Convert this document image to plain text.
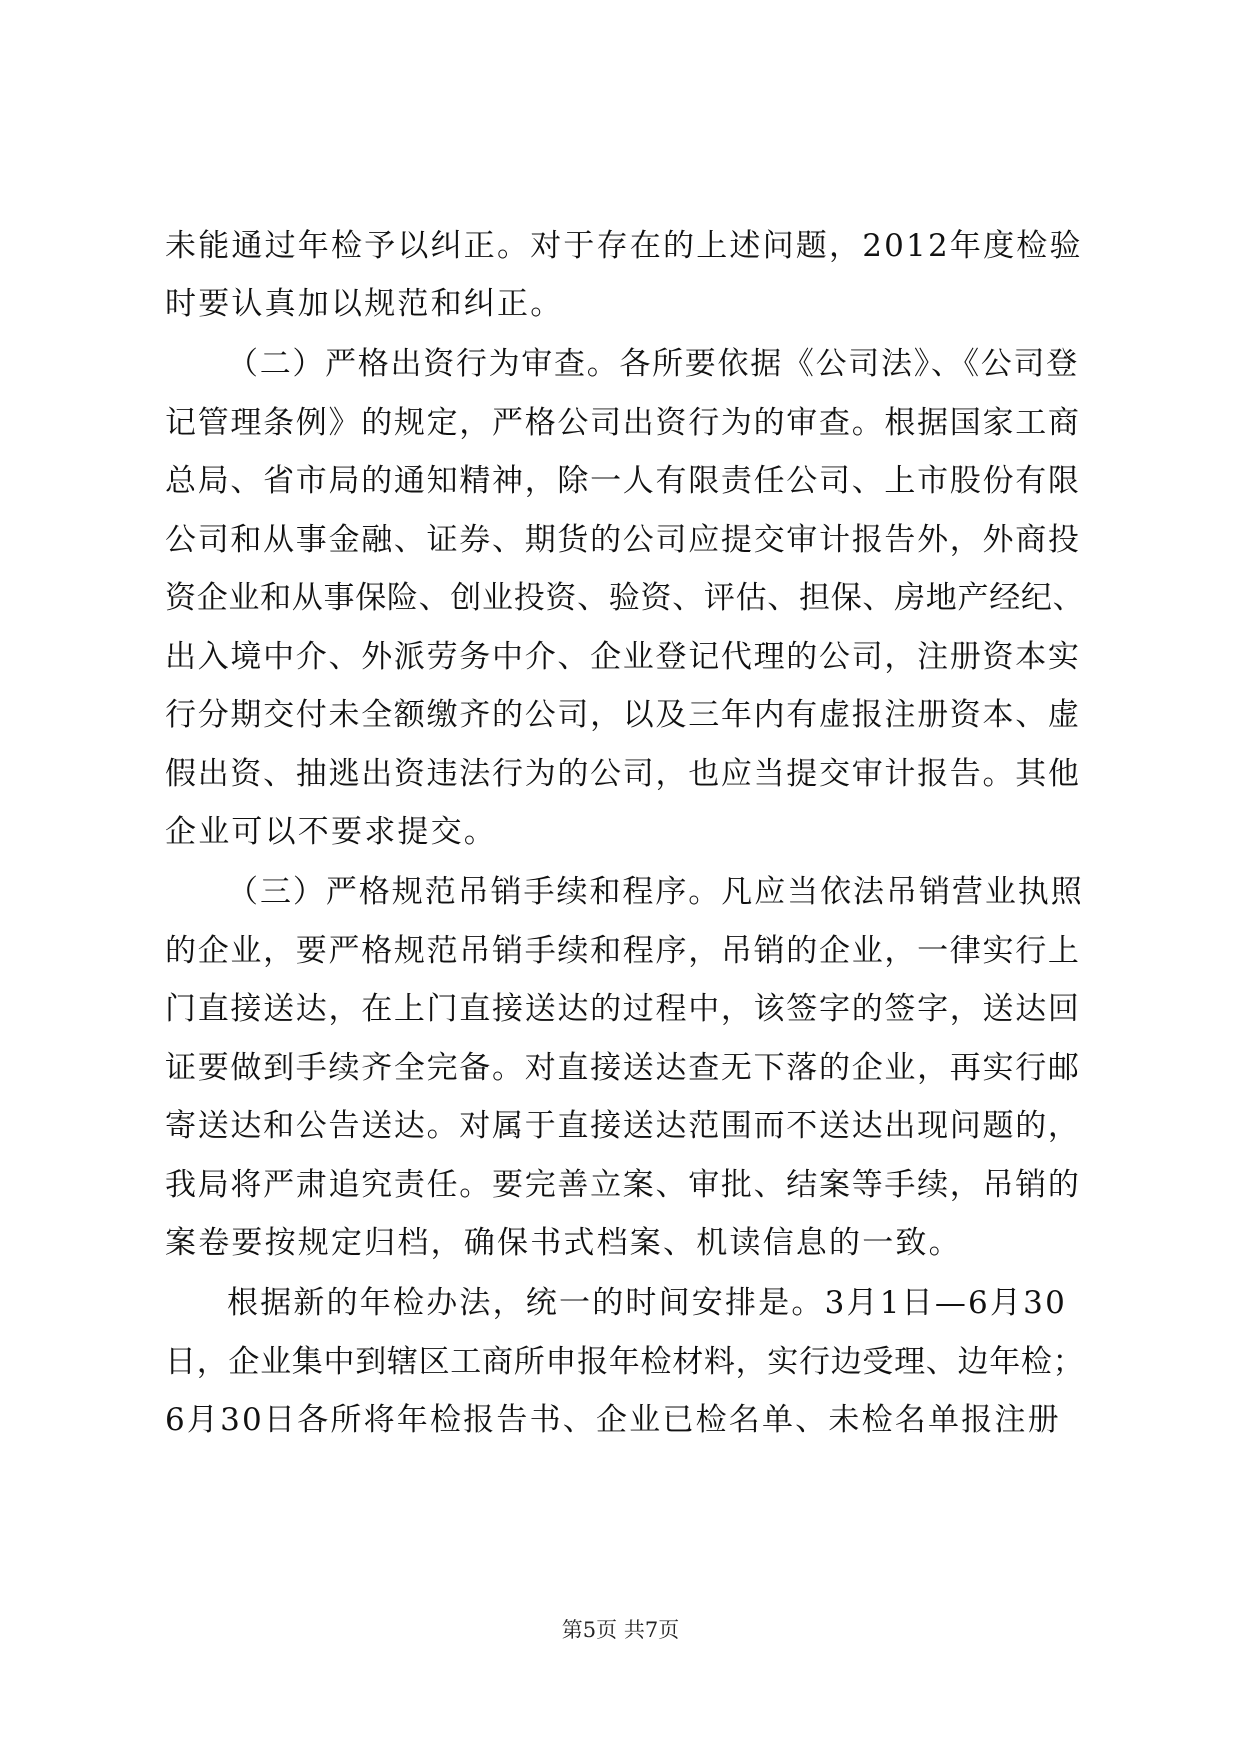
未能通过年检予以纠正。对于存在的上述问题，2012年度检验
时要认真加以规范和纠正。
（二）严格出资行为审查。各所要依据《公司法》、《公司登
记管理条例》的规定，严格公司出资行为的审查。根据国家工商
总局、省市局的通知精神，除一人有限责任公司、上市股份有限
公司和从事金融、证券、期货的公司应提交审计报告外，外商投
资企业和从事保险、创业投资、验资、评估、担保、房地产经纪、
出入境中介、外派劳务中介、企业登记代理的公司，注册资本实
行分期交付未全额缴齐的公司，以及三年内有虚报注册资本、虚
假出资、抽逃出资违法行为的公司，也应当提交审计报告。其他
企业可以不要求提交。
（三）严格规范吊销手续和程序。凡应当依法吊销营业执照
的企业，要严格规范吊销手续和程序，吊销的企业，一律实行上
门直接送达，在上门直接送达的过程中，该签字的签字，送达回
证要做到手续齐全完备。对直接送达查无下落的企业，再实行邮
寄送达和公告送达。对属于直接送达范围而不送达出现问题的，
我局将严肃追究责任。要完善立案、审批、结案等手续，吊销的
案卷要按规定归档，确保书式档案、机读信息的一致。
根据新的年检办法，统一的时间安排是。3月1日—6月30
日，企业集中到辖区工商所申报年检材料，实行边受理、边年检；
6月30日各所将年检报告书、企业已检名单、未检名单报注册
第5页 共7页
